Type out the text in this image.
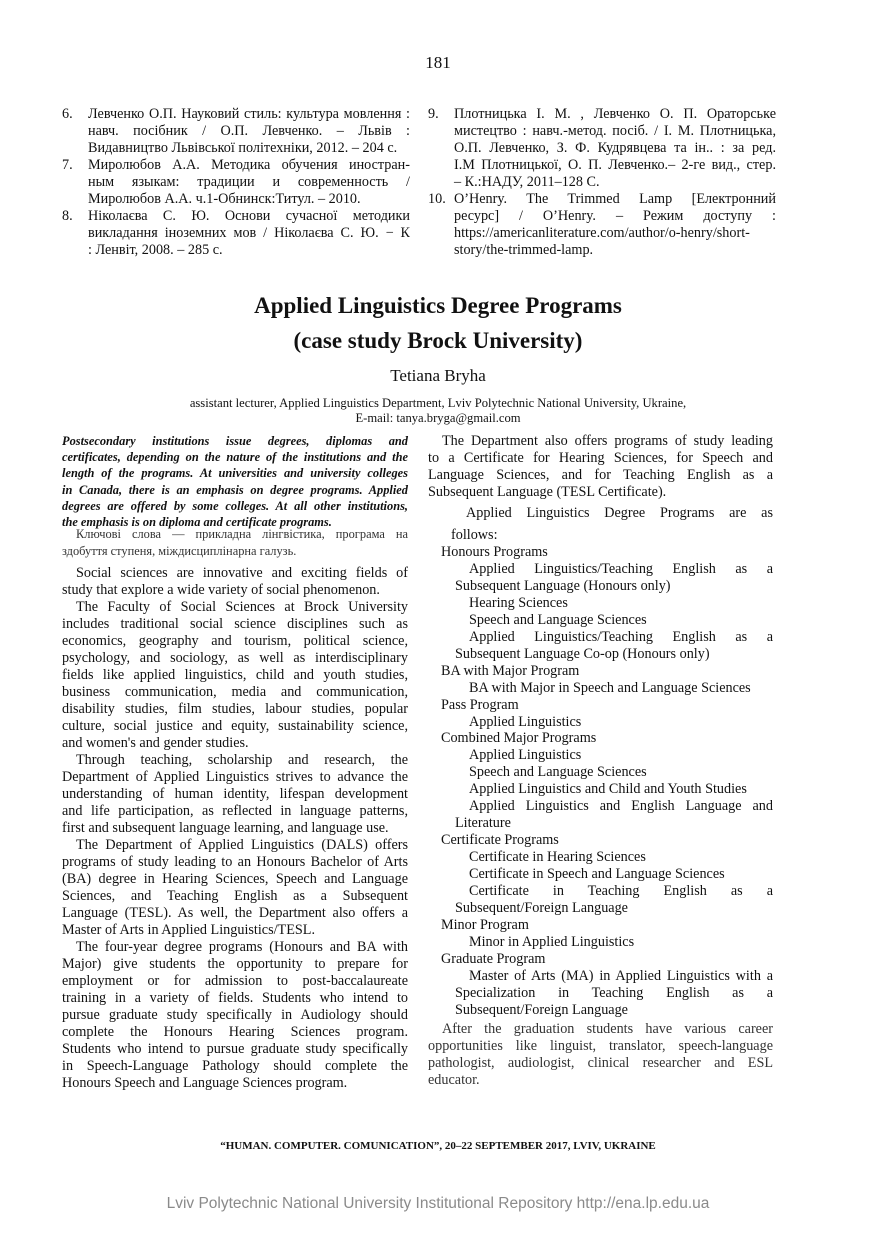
181
6. Левченко О.П. Науковий стиль: культура мовлення :
навч. посібник / О.П. Левченко. – Львів :
Видавництво Львівської політехніки, 2012. – 204 с.
7. Миролюбов А.А. Методика обучения иностран-
ным языкам: традиции и современность /
Миролюбов А.А. ч.1-Обнинск:Титул. – 2010.
8. Ніколаєва С. Ю. Основи сучасної методики
викладання іноземних мов / Ніколаєва С. Ю. − К
: Ленвіт, 2008. – 285 с.
9. Плотницька І. М. , Левченко О. П. Ораторське
мистецтво : навч.-метод. посіб. / І. М. Плотницька,
О.П. Левченко, З. Ф. Кудрявцева та ін.. : за ред.
І.М Плотницької, О. П. Левченко.– 2-ге вид., стер.
– К.:НАДУ, 2011–128 С.
10. O’Henry. The Trimmed Lamp [Електронний
ресурс] / O’Henry. – Режим доступу :
https://americanliterature.com/author/o-henry/short-
story/the-trimmed-lamp.
Applied Linguistics Degree Programs
(case study Brock University)
Tetiana Bryha
assistant lecturer, Applied Linguistics Department, Lviv Polytechnic National University, Ukraine,
E-mail: tanya.bryga@gmail.com
Postsecondary institutions issue degrees, diplomas and
certificates, depending on the nature of the institutions and the
length of the programs. At universities and university colleges
in Canada, there is an emphasis on degree programs. Applied
degrees are offered by some colleges. At all other institutions,
the emphasis is on diploma and certificate programs.
Ключові слова — прикладна лінгвістика, програма на
здобуття ступеня, міждисциплінарна галузь.
Social sciences are innovative and exciting fields of
study that explore a wide variety of social phenomenon.
The Faculty of Social Sciences at Brock University
includes traditional social science disciplines such as
economics, geography and tourism, political science,
psychology, and sociology, as well as interdisciplinary
fields like applied linguistics, child and youth studies,
business communication, media and communication,
disability studies, film studies, labour studies, popular
culture, social justice and equity, sustainability science,
and women's and gender studies.
Through teaching, scholarship and research, the
Department of Applied Linguistics strives to advance the
understanding of human identity, lifespan development
and life participation, as reflected in language patterns,
first and subsequent language learning, and language use.
The Department of Applied Linguistics (DALS) offers
programs of study leading to an Honours Bachelor of Arts
(BA) degree in Hearing Sciences, Speech and Language
Sciences, and Teaching English as a Subsequent
Language (TESL). As well, the Department also offers a
Master of Arts in Applied Linguistics/TESL.
The four-year degree programs (Honours and BA with
Major) give students the opportunity to prepare for
employment or for admission to post-baccalaureate
training in a variety of fields. Students who intend to
pursue graduate study specifically in Audiology should
complete the Honours Hearing Sciences program.
Students who intend to pursue graduate study specifically
in Speech-Language Pathology should complete the
Honours Speech and Language Sciences program.
The Department also offers programs of study leading
to a Certificate for Hearing Sciences, for Speech and
Language Sciences, and for Teaching English as a
Subsequent Language (TESL Certificate).
Applied Linguistics Degree Programs are as
follows:
Honours Programs
Applied Linguistics/Teaching English as a
Subsequent Language (Honours only)
Hearing Sciences
Speech and Language Sciences
Applied Linguistics/Teaching English as a
Subsequent Language Co-op (Honours only)
BA with Major Program
BA with Major in Speech and Language Sciences
Pass Program
Applied Linguistics
Combined Major Programs
Applied Linguistics
Speech and Language Sciences
Applied Linguistics and Child and Youth Studies
Applied Linguistics and English Language and
Literature
Certificate Programs
Certificate in Hearing Sciences
Certificate in Speech and Language Sciences
Certificate in Teaching English as a
Subsequent/Foreign Language
Minor Program
Minor in Applied Linguistics
Graduate Program
Master of Arts (MA) in Applied Linguistics with a
Specialization in Teaching English as a
Subsequent/Foreign Language
After the graduation students have various career
opportunities like linguist, translator, speech-language
pathologist, audiologist, clinical researcher and ESL
educator.
“HUMAN. COMPUTER. COMUNICATION”, 20–22 SEPTEMBER 2017, LVIV, UKRAINE
Lviv Polytechnic National University Institutional Repository http://ena.lp.edu.ua
